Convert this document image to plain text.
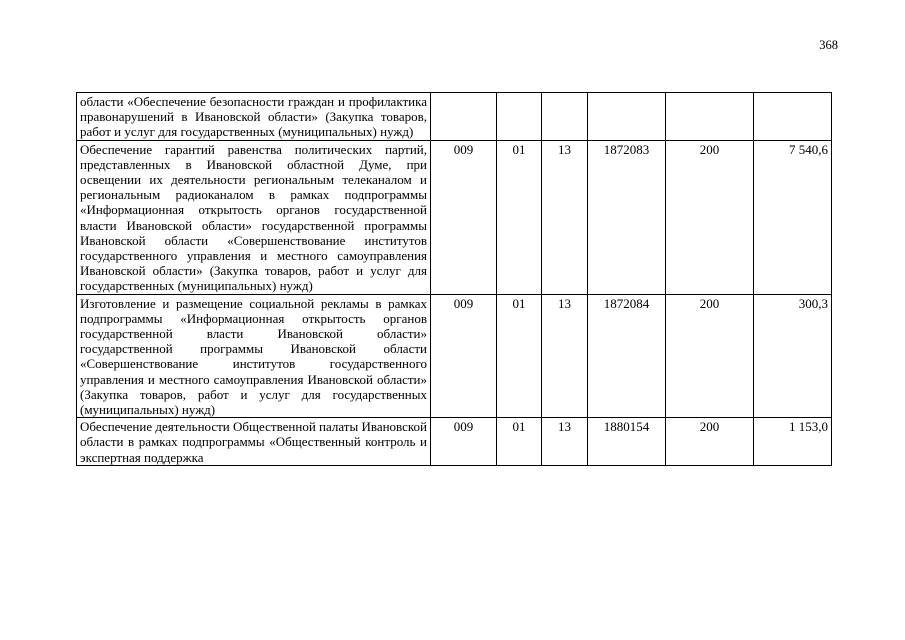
368
области «Обеспечение безопасности граждан и профилактика правонарушений в Ивановской области» (Закупка товаров, работ и услуг для государственных (муниципальных) нужд)						
Обеспечение гарантий равенства политических партий, представленных в Ивановской областной Думе, при освещении их деятельности региональным телеканалом и региональным радиоканалом в рамках подпрограммы «Информационная открытость органов государственной власти Ивановской области» государственной программы Ивановской области «Совершенствование институтов государственного управления и местного самоуправления Ивановской области» (Закупка товаров, работ и услуг для государственных (муниципальных) нужд)	009	01	13	1872083	200	7 540,6
Изготовление и размещение социальной рекламы в рамках подпрограммы «Информационная открытость органов государственной власти Ивановской области» государственной программы Ивановской области «Совершенствование институтов государственного управления и местного самоуправления Ивановской области» (Закупка товаров, работ и услуг для государственных (муниципальных) нужд)	009	01	13	1872084	200	300,3
Обеспечение деятельности Общественной палаты Ивановской области в рамках подпрограммы «Общественный контроль и экспертная поддержка	009	01	13	1880154	200	1 153,0
